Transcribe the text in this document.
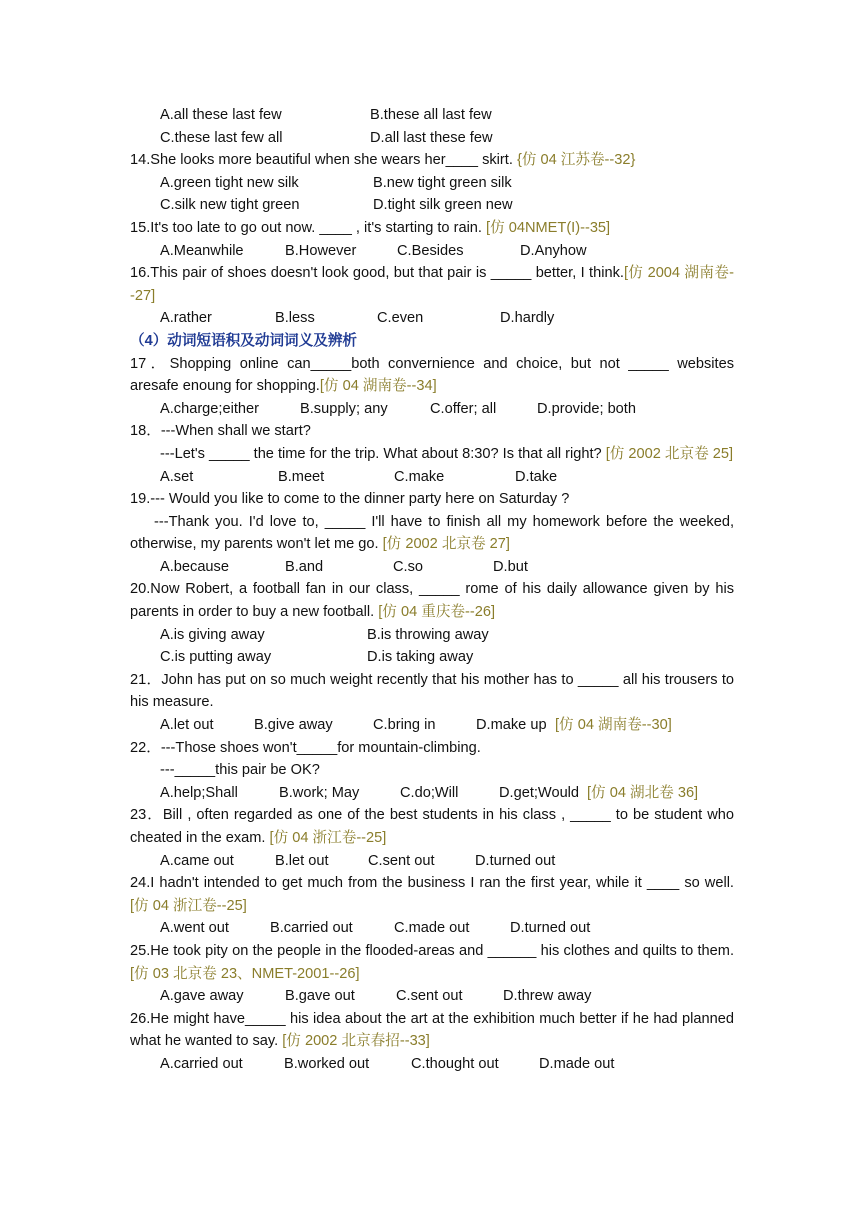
A.all these last few	B.these all last few
C.these last few all	D.all last these few
14.She looks more beautiful when she wears her____ skirt. {仿 04 江苏卷--32}
A.green tight new silk	B.new tight green silk
C.silk new tight green	D.tight silk green new
15.It's too late to go out now. ____ , it's starting to rain. [仿 04NMET(I)--35]
A.Meanwhile	B.However	C.Besides	D.Anyhow
16.This pair of shoes doesn't look good, but that pair is _____ better, I think.[仿 2004 湖南卷--27]
A.rather	B.less	C.even	D.hardly
（4）动词短语积及动词词义及辨析
17．Shopping online can_____both convernience and choice, but not _____ websites aresafe enoung for shopping.[仿 04 湖南卷--34]
A.charge;either	B.supply; any	C.offer; all	D.provide; both
18．---When shall we start?
---Let's _____ the time for the trip. What about 8:30? Is that all right? [仿 2002 北京卷 25]
A.set	B.meet	C.make	D.take
19.--- Would you like to come to the dinner party here on Saturday ?
---Thank you. I'd love to, _____ I'll have to finish all my homework before the weeked, otherwise, my parents won't let me go. [仿 2002 北京卷 27]
A.because	B.and	C.so	D.but
20.Now Robert, a football fan in our class, _____ rome of his daily allowance given by his parents in order to buy a new football. [仿 04 重庆卷--26]
A.is giving away	B.is throwing away
C.is putting away	D.is taking away
21．John has put on so much weight recently that his mother has to _____ all his trousers to his measure.
A.let out	B.give away	C.bring in	D.make up [仿 04 湖南卷--30]
22．---Those shoes won't_____for mountain-climbing.
---_____this pair be OK?
A.help;Shall	B.work; May	C.do;Will	D.get;Would [仿 04 湖北卷 36]
23．Bill , often regarded as one of the best students in his class , _____ to be student who cheated in the exam. [仿 04 浙江卷--25]
A.came out	B.let out	C.sent out	D.turned out
24.I hadn't intended to get much from the business I ran the first year, while it ____ so well.[仿 04 浙江卷--25]
A.went out	B.carried out	C.made out	D.turned out
25.He took pity on the people in the flooded-areas and ______ his clothes and quilts to them. [仿 03 北京卷 23、NMET-2001--26]
A.gave away	B.gave out	C.sent out	D.threw away
26.He might have_____ his idea about the art at the exhibition much better if he had planned what he wanted to say. [仿 2002 北京春招--33]
A.carried out	B.worked out	C.thought out	D.made out
